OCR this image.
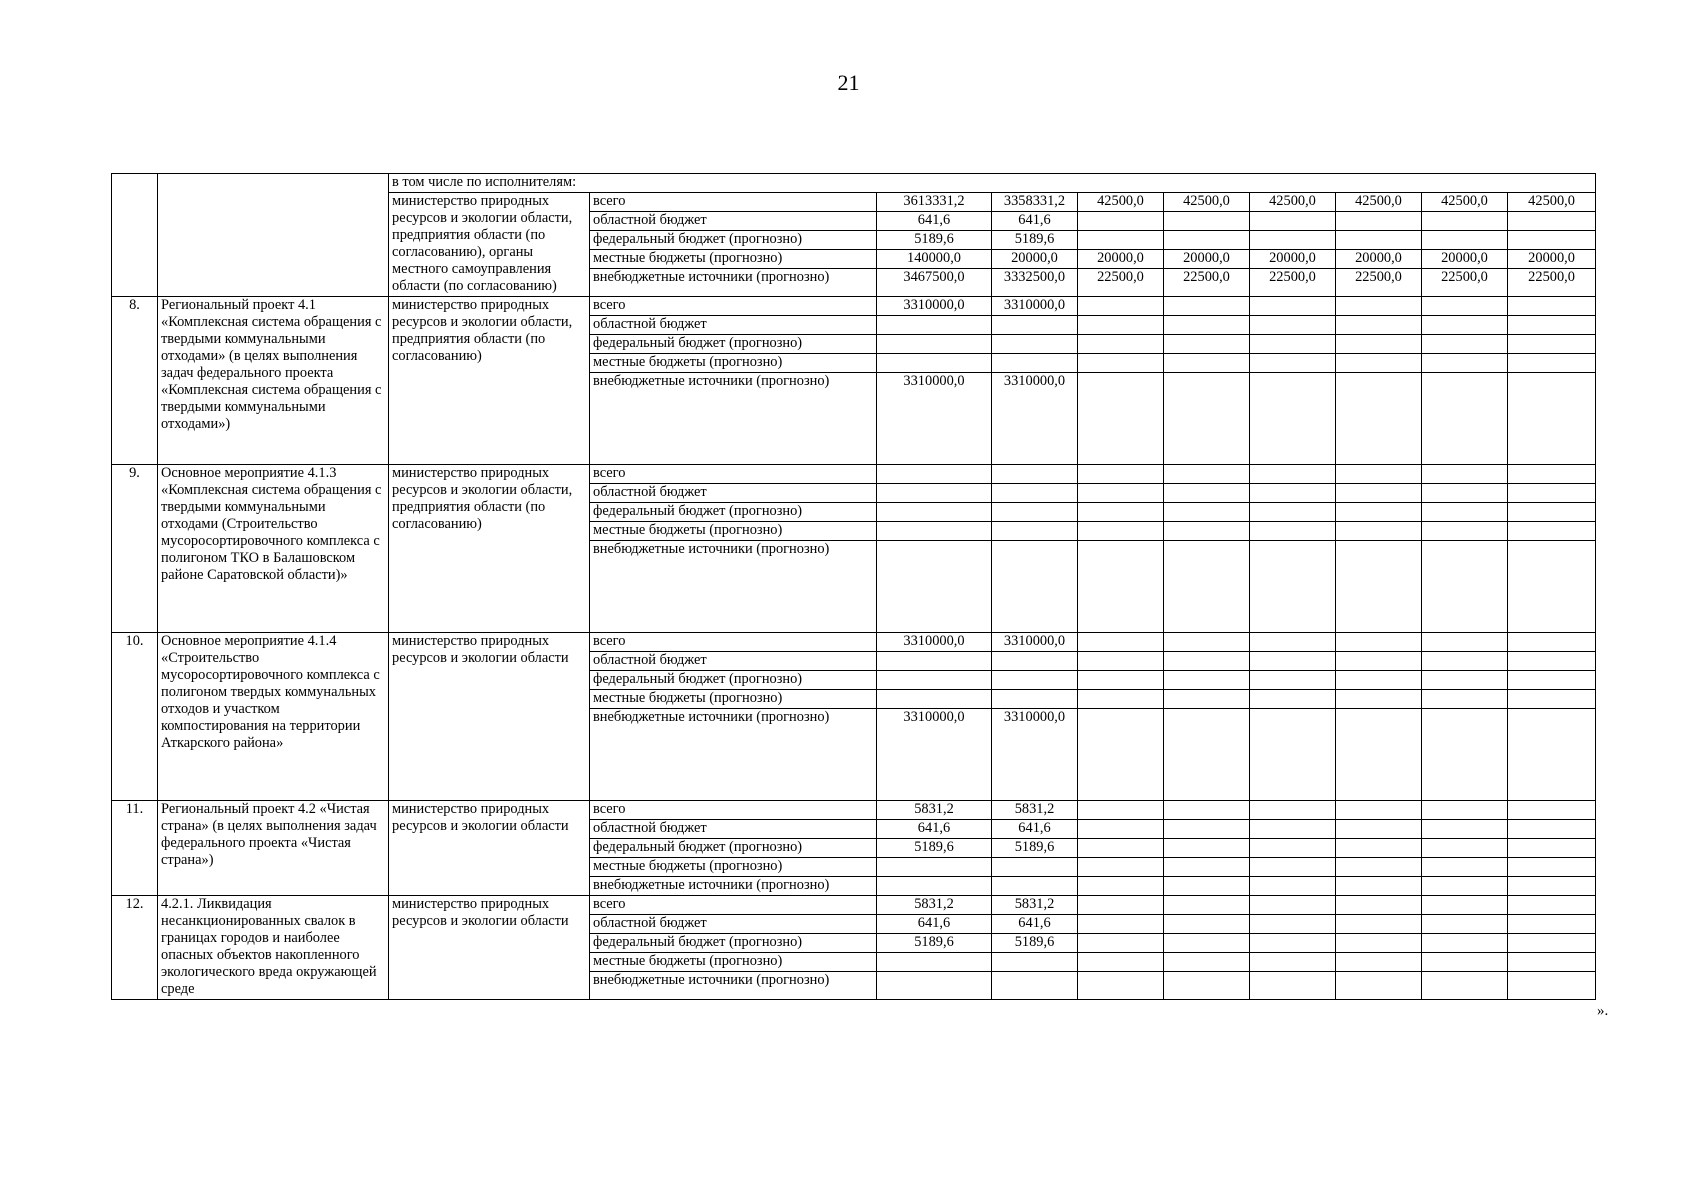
21
		в том числе по исполнителям:									
		министерство природных ресурсов и экологии области, предприятия области (по согласованию), органы местного самоуправления области (по согласованию)	всего	3613331,2	3358331,2	42500,0	42500,0	42500,0	42500,0	42500,0	42500,0
			областной бюджет	641,6	641,6						
			федеральный бюджет (прогнозно)	5189,6	5189,6						
			местные бюджеты (прогнозно)	140000,0	20000,0	20000,0	20000,0	20000,0	20000,0	20000,0	20000,0
			внебюджетные источники (прогнозно)	3467500,0	3332500,0	22500,0	22500,0	22500,0	22500,0	22500,0	22500,0
8.	Региональный проект 4.1 «Комплексная система обращения с твердыми коммунальными отходами» (в целях выполнения задач федерального проекта «Комплексная система обращения с твердыми коммунальными отходами»)	министерство природных ресурсов и экологии области, предприятия области (по согласованию)	всего	3310000,0	3310000,0						
			областной бюджет								
			федеральный бюджет (прогнозно)								
			местные бюджеты (прогнозно)								
			внебюджетные источники (прогнозно)	3310000,0	3310000,0						
9.	Основное мероприятие 4.1.3 «Комплексная система обращения с твердыми коммунальными отходами (Строительство мусоросортировочного комплекса с полигоном ТКО в Балашовском районе Саратовской области)»	министерство природных ресурсов и экологии области, предприятия области (по согласованию)	всего								
			областной бюджет								
			федеральный бюджет (прогнозно)								
			местные бюджеты (прогнозно)								
			внебюджетные источники (прогнозно)								
10.	Основное мероприятие 4.1.4 «Строительство мусоросортировочного комплекса с полигоном твердых коммунальных отходов и участком компостирования на территории Аткарского района»	министерство природных ресурсов и экологии области	всего	3310000,0	3310000,0						
			областной бюджет								
			федеральный бюджет (прогнозно)								
			местные бюджеты (прогнозно)								
			внебюджетные источники (прогнозно)	3310000,0	3310000,0						
11.	Региональный проект 4.2 «Чистая страна» (в целях выполнения задач федерального проекта «Чистая страна»)	министерство природных ресурсов и экологии области	всего	5831,2	5831,2						
			областной бюджет	641,6	641,6						
			федеральный бюджет (прогнозно)	5189,6	5189,6						
			местные бюджеты (прогнозно)								
			внебюджетные источники (прогнозно)								
12.	4.2.1. Ликвидация несанкционированных свалок в границах городов и наиболее опасных объектов накопленного экологического вреда окружающей среде	министерство природных ресурсов и экологии области	всего	5831,2	5831,2						
			областной бюджет	641,6	641,6						
			федеральный бюджет (прогнозно)	5189,6	5189,6						
			местные бюджеты (прогнозно)								
			внебюджетные источники (прогнозно)								
».
